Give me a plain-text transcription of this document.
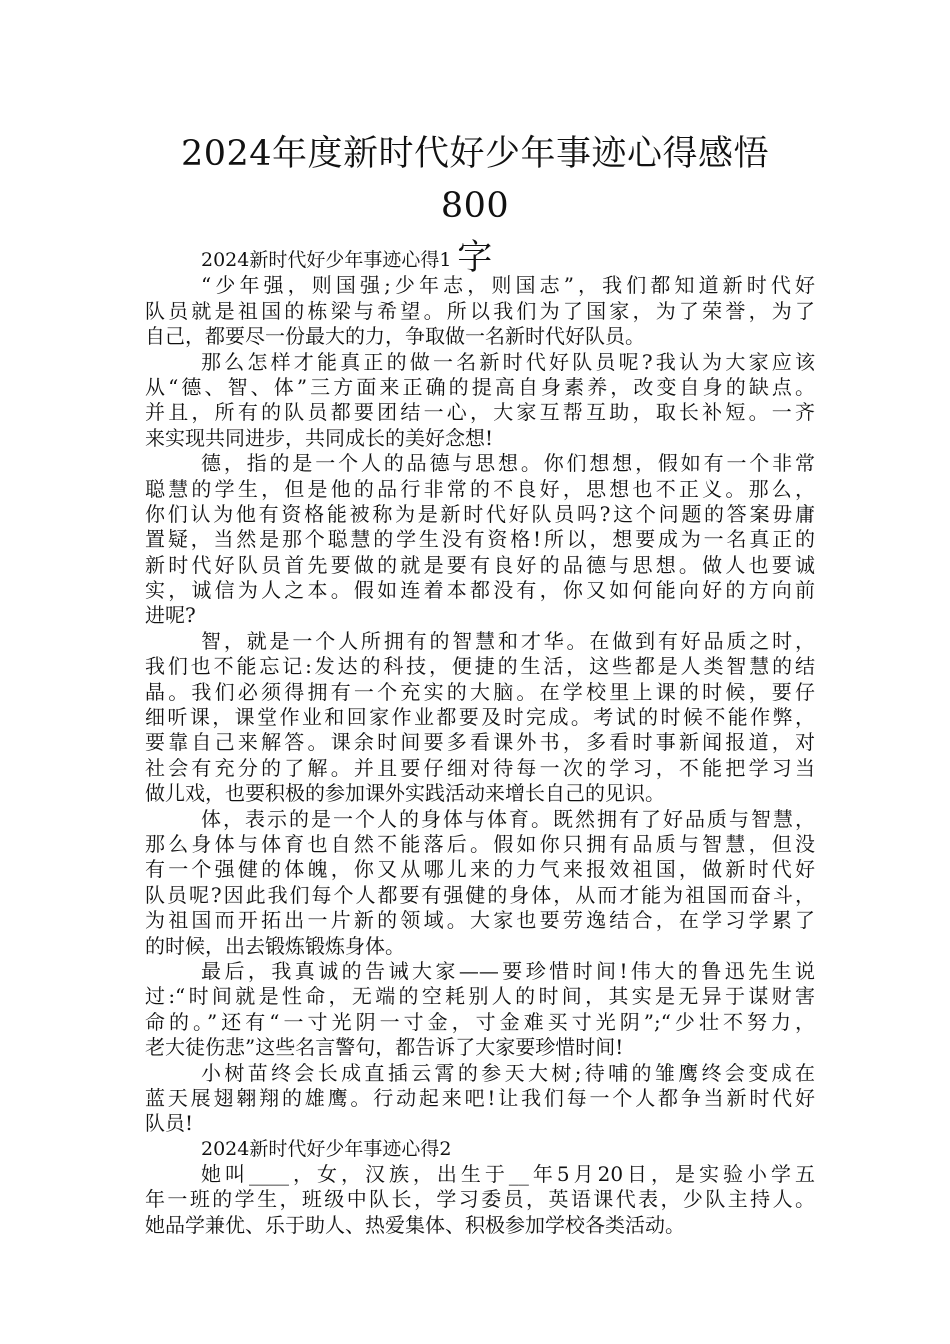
2024年度新时代好少年事迹心得感悟800
字

2024新时代好少年事迹心得1

“少年强，则国强;少年志，则国志”，我们都知道新时代好

队员就是祖国的栋梁与希望。所以我们为了国家，为了荣誉，为了

自己，都要尽一份最大的力，争取做一名新时代好队员。

那么怎样才能真正的做一名新时代好队员呢?我认为大家应该

从“德、智、体”三方面来正确的提高自身素养，改变自身的缺点。

并且，所有的队员都要团结一心，大家互帮互助，取长补短。一齐

来实现共同进步，共同成长的美好念想!

德，指的是一个人的品德与思想。你们想想，假如有一个非常

聪慧的学生，但是他的品行非常的不良好，思想也不正义。那么，

你们认为他有资格能被称为是新时代好队员吗?这个问题的答案毋庸

置疑，当然是那个聪慧的学生没有资格!所以，想要成为一名真正的

新时代好队员首先要做的就是要有良好的品德与思想。做人也要诚

实，诚信为人之本。假如连着本都没有，你又如何能向好的方向前

进呢?

智，就是一个人所拥有的智慧和才华。在做到有好品质之时，

我们也不能忘记:发达的科技，便捷的生活，这些都是人类智慧的结

晶。我们必须得拥有一个充实的大脑。在学校里上课的时候，要仔

细听课，课堂作业和回家作业都要及时完成。考试的时候不能作弊，

要靠自己来解答。课余时间要多看课外书，多看时事新闻报道，对

社会有充分的了解。并且要仔细对待每一次的学习，不能把学习当

做儿戏，也要积极的参加课外实践活动来增长自己的见识。

体，表示的是一个人的身体与体育。既然拥有了好品质与智慧，

那么身体与体育也自然不能落后。假如你只拥有品质与智慧，但没

有一个强健的体魄，你又从哪儿来的力气来报效祖国，做新时代好

队员呢?因此我们每个人都要有强健的身体，从而才能为祖国而奋斗，

为祖国而开拓出一片新的领域。大家也要劳逸结合，在学习学累了

的时候，出去锻炼锻炼身体。

最后，我真诚的告诫大家——要珍惜时间!伟大的鲁迅先生说

过:“时间就是性命，无端的空耗别人的时间，其实是无异于谋财害

命的。”还有“一寸光阴一寸金，寸金难买寸光阴”;“少壮不努力，

老大徒伤悲”这些名言警句，都告诉了大家要珍惜时间!

小树苗终会长成直插云霄的参天大树;待哺的雏鹰终会变成在

蓝天展翅翱翔的雄鹰。行动起来吧!让我们每一个人都争当新时代好

队员!

2024新时代好少年事迹心得2

她叫____，女，汉族，出生于__年5月20日，是实验小学五

年一班的学生，班级中队长，学习委员，英语课代表，少队主持人。

她品学兼优、乐于助人、热爱集体、积极参加学校各类活动。
